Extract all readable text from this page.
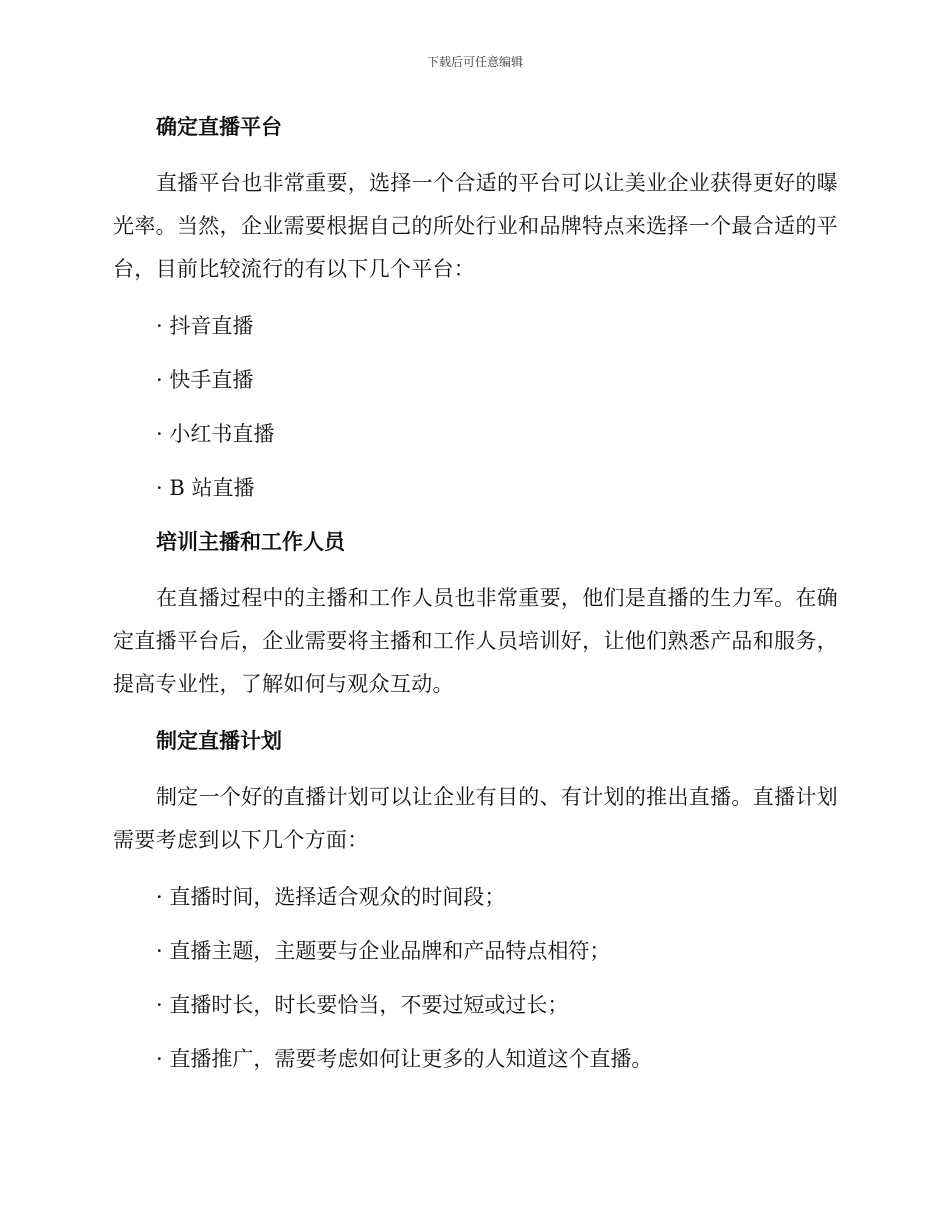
下载后可任意编辑
确定直播平台

直播平台也非常重要，选择一个合适的平台可以让美业企业获得更好的曝光率。当然，企业需要根据自己的所处行业和品牌特点来选择一个最合适的平台，目前比较流行的有以下几个平台：

· 抖音直播
· 快手直播
· 小红书直播
· B 站直播
培训主播和工作人员

在直播过程中的主播和工作人员也非常重要，他们是直播的生力军。在确定直播平台后，企业需要将主播和工作人员培训好，让他们熟悉产品和服务，提高专业性，了解如何与观众互动。

制定直播计划

制定一个好的直播计划可以让企业有目的、有计划的推出直播。直播计划需要考虑到以下几个方面：

· 直播时间，选择适合观众的时间段；
· 直播主题，主题要与企业品牌和产品特点相符；
· 直播时长，时长要恰当，不要过短或过长；
· 直播推广，需要考虑如何让更多的人知道这个直播。
